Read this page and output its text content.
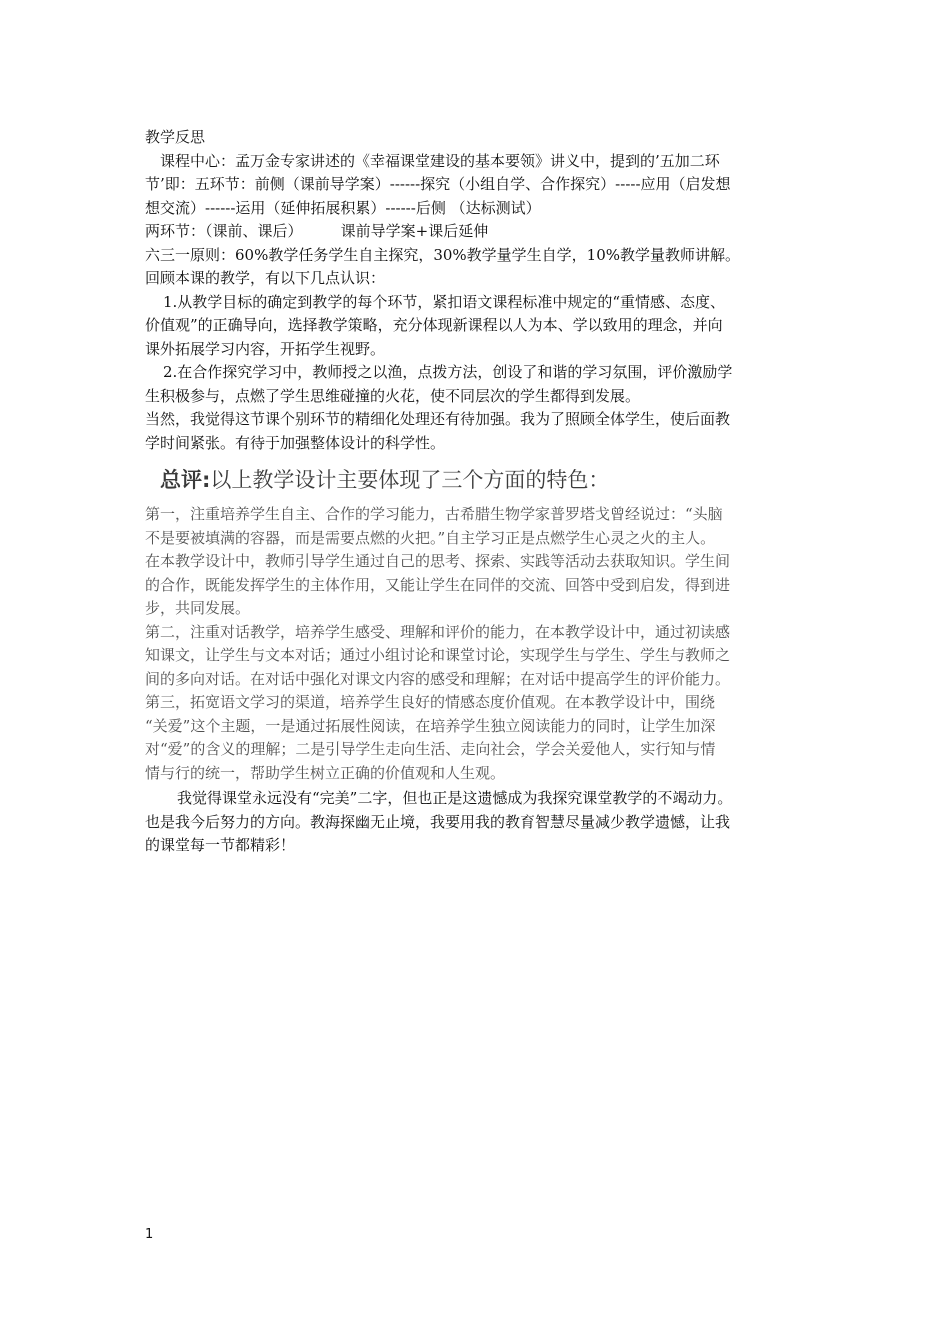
教学反思

课程中心：孟万金专家讲述的《幸福课堂建设的基本要领》讲义中，提到的’五加二环

节’即：五环节：前侧（课前导学案）------探究（小组自学、合作探究）-----应用（启发想

想交流）------运用（延伸拓展积累）------后侧 （达标测试）

两环节：（课前、课后）        课前导学案+课后延伸

六三一原则：60%教学任务学生自主探究，30%教学量学生自学，10%教学量教师讲解。

回顾本课的教学，有以下几点认识：

1.从教学目标的确定到教学的每个环节，紧扣语文课程标准中规定的“重情感、态度、

价值观”的正确导向，选择教学策略，充分体现新课程以人为本、学以致用的理念，并向

课外拓展学习内容，开拓学生视野。

2.在合作探究学习中，教师授之以渔，点拨方法，创设了和谐的学习氛围，评价激励学

生积极参与，点燃了学生思维碰撞的火花，使不同层次的学生都得到发展。

当然，我觉得这节课个别环节的精细化处理还有待加强。我为了照顾全体学生，使后面教

学时间紧张。有待于加强整体设计的科学性。

总评:以上教学设计主要体现了三个方面的特色：

第一，注重培养学生自主、合作的学习能力，古希腊生物学家普罗塔戈曾经说过：“头脑

不是要被填满的容器，而是需要点燃的火把。”自主学习正是点燃学生心灵之火的主人。

在本教学设计中，教师引导学生通过自己的思考、探索、实践等活动去获取知识。学生间

的合作，既能发挥学生的主体作用，又能让学生在同伴的交流、回答中受到启发，得到进

步，共同发展。

第二，注重对话教学，培养学生感受、理解和评价的能力，在本教学设计中，通过初读感

知课文，让学生与文本对话；通过小组讨论和课堂讨论，实现学生与学生、学生与教师之

间的多向对话。在对话中强化对课文内容的感受和理解；在对话中提高学生的评价能力。

第三，拓宽语文学习的渠道，培养学生良好的情感态度价值观。在本教学设计中，围绕

“关爱”这个主题，一是通过拓展性阅读，在培养学生独立阅读能力的同时，让学生加深

对“爱”的含义的理解；二是引导学生走向生活、走向社会，学会关爱他人，实行知与情

情与行的统一，帮助学生树立正确的价值观和人生观。

我觉得课堂永远没有“完美”二字，但也正是这遗憾成为我探究课堂教学的不竭动力。

也是我今后努力的方向。教海探幽无止境，我要用我的教育智慧尽量减少教学遗憾，让我

的课堂每一节都精彩！

1
